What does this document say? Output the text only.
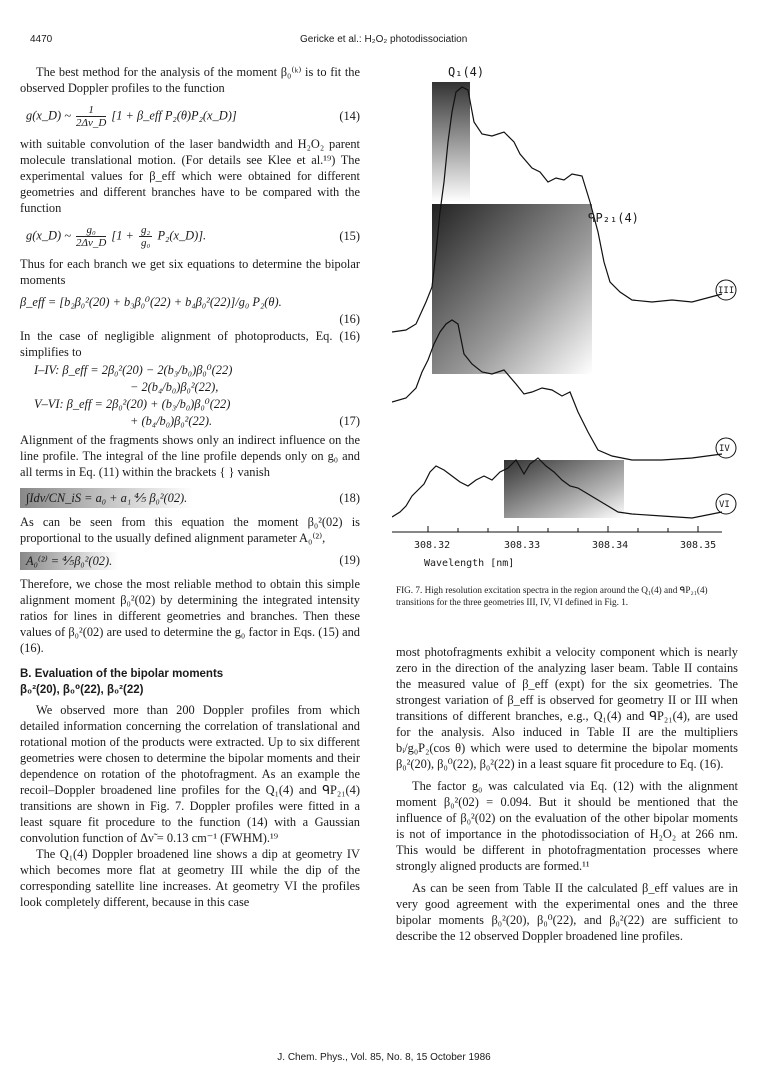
4470	Gericke et al.: H₂O₂ photodissociation

The best method for the analysis of the moment β₀⁽ᵏ⁾ is to fit the observed Doppler profiles to the function

g(x_D) ~ $\frac{1}{2\Delta\nu\_D} [1$ + β_eff P₂(θ)P₂(x_D)]	(14)

with suitable convolution of the laser bandwidth and H₂O₂ parent molecule translational motion. (For details see Klee et al.¹⁹) The experimental values for β_eff which were obtained for different geometries and different branches have to be compared with the function

g(x_D) ~ $\frac{\text{g₀}}{2\Delta\nu\_D} [1 + \frac{\text{g₂}}{\text{g₀}}$ P₂(x_D)].	(15)

Thus for each branch we get six equations to determine the bipolar moments

β_eff = [b₂β₀²(20) + b₃β₀⁰(22) + b₄β₀²(22)]/g₀ P₂(θ).
(16)

In the case of negligible alignment of photoproducts, Eq. (16) simplifies to

I–IV: β_eff = 2β₀²(20) − 2(b₃/b₀)β₀⁰(22)
− 2(b₄/b₀)β₀²(22),
V–VI: β_eff = 2β₀²(20) + (b₃/b₀)β₀⁰(22)
+ (b₄/b₀)β₀²(22).	(17)

Alignment of the fragments shows only an indirect influence on the line profile. The integral of the line profile depends only on g₀ and all terms in Eq. (11) within the brackets { } vanish

∫Idν/CN_iS = a₀ + a₁ ⅘ β₀²(02).	(18)

As can be seen from this equation the moment β₀²(02) is proportional to the usually defined alignment parameter A₀⁽²⁾,

A₀⁽²⁾ = ⅘β₀²(02).	(19)

Therefore, we chose the most reliable method to obtain this simple alignment moment β₀²(02) by determining the integrated intensity ratios for lines in different geometries and branches. Then these values of β₀²(02) are used to determine the g₀ factor in Eqs. (15) and (16).

B. Evaluation of the bipolar moments
β₀²(20), β₀⁰(22), β₀²(22)

We observed more than 200 Doppler profiles from which detailed information concerning the correlation of translational and rotational motion of the products were extracted. Up to six different geometries were chosen to determine the bipolar moments and their dependence on rotation of the photofragment. As an example the recoil–Doppler broadened line profiles for the Q₁(4) and ᑫP₂₁(4) transitions are shown in Fig. 7. Doppler profiles were fitted in a least square fit procedure to the function (14) with a Gaussian convolution function of Δν̃ = 0.13 cm⁻¹ (FWHM).¹⁹

The Q₁(4) Doppler broadened line shows a dip at geometry IV which becomes more flat at geometry III while the dip of the corresponding satellite line increases. At geometry VI the profiles look completely different, because in this case

Q₁(4)
ᑫP₂₁(4)
III
IV
VI
308.32	308.33	308.34	308.35
Wavelength [nm]
FIG. 7. High resolution excitation spectra in the region around the Q₁(4) and ᑫP₂₁(4) transitions for the three geometries III, IV, VI defined in Fig. 1.

most photofragments exhibit a velocity component which is nearly zero in the direction of the analyzing laser beam. Table II contains the measured value of β_eff (expt) for the six geometries. The strongest variation of β_eff is observed for geometry II or III when transitions of different branches, e.g., Q₁(4) and ᑫP₂₁(4), are used for the analysis. Also induced in Table II are the multipliers bᵢ/g₀P₂(cos θ) which were used to determine the bipolar moments β₀²(20), β₀⁰(22), β₀²(22) in a least square fit procedure to Eq. (16).

The factor g₀ was calculated via Eq. (12) with the alignment moment β₀²(02) = 0.094. But it should be mentioned that the influence of β₀²(02) on the evaluation of the other bipolar moments is not of importance in the photodissociation of H₂O₂ at 266 nm. This would be different in photofragmentation processes where strongly aligned products are formed.¹¹

As can be seen from Table II the calculated β_eff values are in very good agreement with the experimental ones and the three bipolar moments β₀²(20), β₀⁰(22), and β₀²(22) are sufficient to describe the 12 observed Doppler broadened line profiles.

J. Chem. Phys., Vol. 85, No. 8, 15 October 1986
